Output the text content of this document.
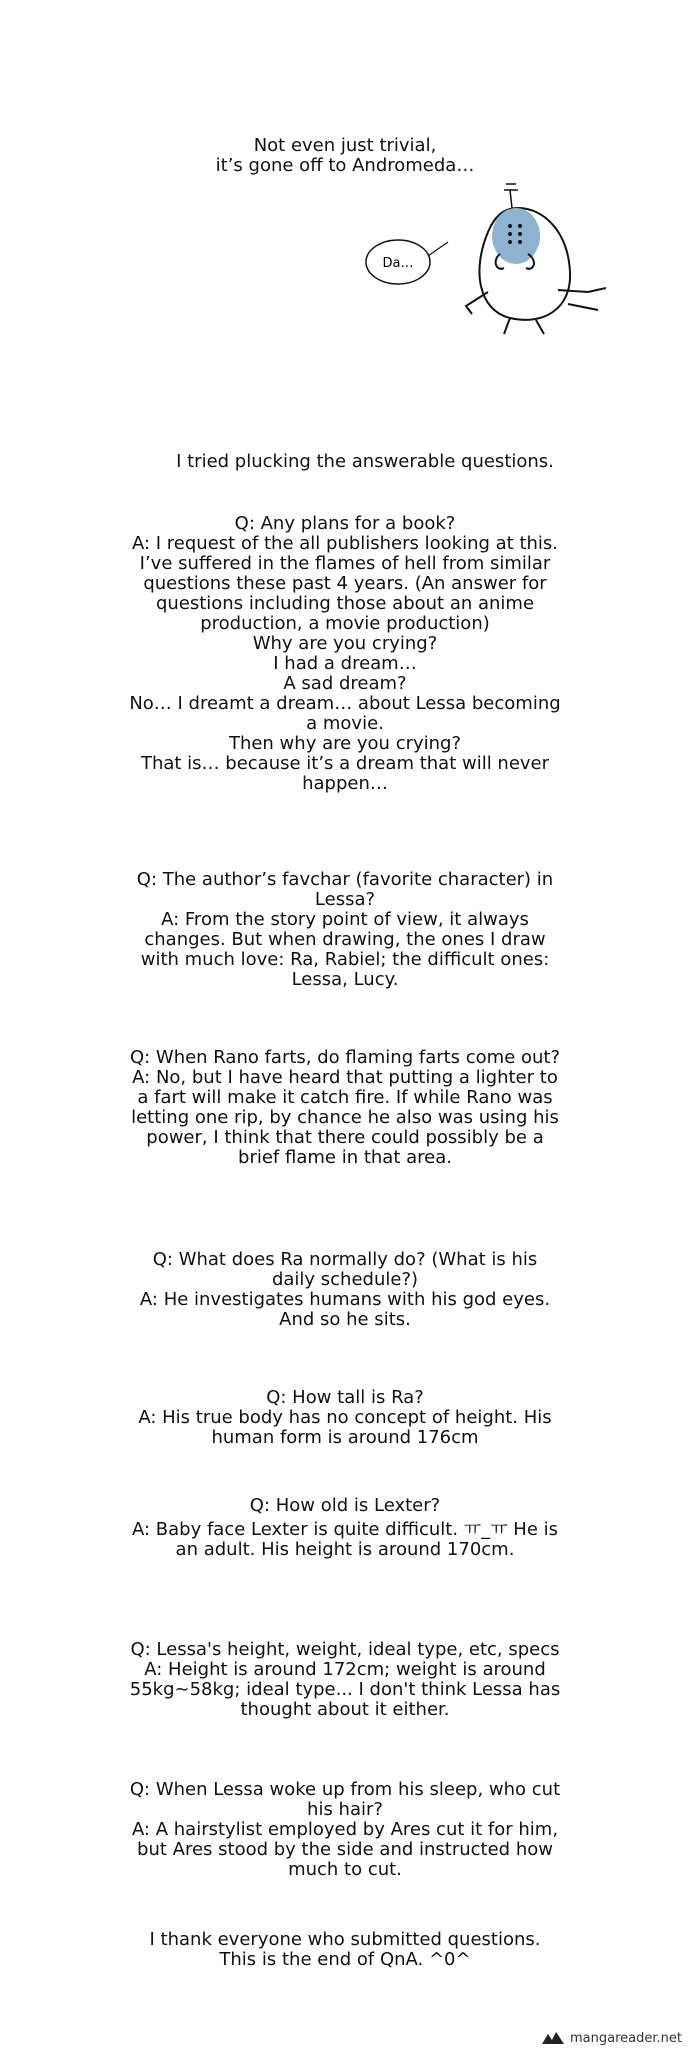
Not even just trivial,

it’s gone off to Andromeda…

Da…

I tried plucking the answerable questions.

Q: Any plans for a book?

A: I request of the all publishers looking at this.

I’ve suffered in the flames of hell from similar

questions these past 4 years. (An answer for

questions including those about an anime

production, a movie production)

Why are you crying?

I had a dream…

A sad dream?

No… I dreamt a dream… about Lessa becoming

a movie.

Then why are you crying?

That is… because it’s a dream that will never

happen…

Q: The author’s favchar (favorite character) in

Lessa?

A: From the story point of view, it always

changes. But when drawing, the ones I draw

with much love: Ra, Rabiel; the difficult ones:

Lessa, Lucy.

Q: When Rano farts, do flaming farts come out?

A: No, but I have heard that putting a lighter to

a fart will make it catch fire. If while Rano was

letting one rip, by chance he also was using his

power, I think that there could possibly be a

brief flame in that area.

Q: What does Ra normally do? (What is his

daily schedule?)

A: He investigates humans with his god eyes.

And so he sits.

Q: How tall is Ra?

A: His true body has no concept of height. His

human form is around 176cm

Q: How old is Lexter?

A: Baby face Lexter is quite difficult. ㅠ_ㅠ He is

an adult. His height is around 170cm.

Q: Lessa's height, weight, ideal type, etc, specs

A: Height is around 172cm; weight is around

55kg~58kg; ideal type... I don't think Lessa has

thought about it either.

Q: When Lessa woke up from his sleep, who cut

his hair?

A: A hairstylist employed by Ares cut it for him,

but Ares stood by the side and instructed how

much to cut.

I thank everyone who submitted questions.

This is the end of QnA. ^0^

mangareader.net
